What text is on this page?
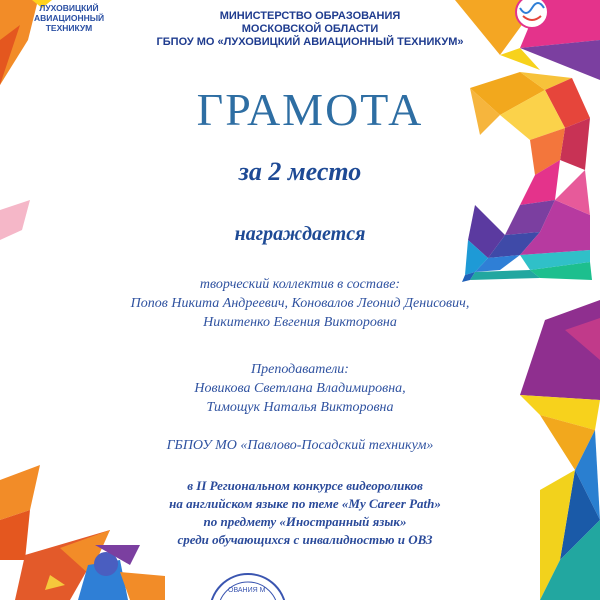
ОВАНИЯ М
ЛУХОВИЦКИЙ
АВИАЦИОННЫЙ
ТЕХНИКУМ
МИНИСТЕРСТВО ОБРАЗОВАНИЯ
МОСКОВСКОЙ ОБЛАСТИ
ГБПОУ МО «ЛУХОВИЦКИЙ АВИАЦИОННЫЙ ТЕХНИКУМ»
ГРАМОТА
за 2 место
награждается
творческий коллектив в составе:
Попов Никита Андреевич, Коновалов Леонид Денисович,
Никитенко Евгения Викторовна
Преподаватели:
Новикова Светлана Владимировна,
Тимощук Наталья Викторовна
ГБПОУ МО «Павлово-Посадский техникум»
в II Региональном конкурсе видеороликов
на английском языке по теме «My Career Path»
по предмету «Иностранный язык»
среди обучающихся с инвалидностью и ОВЗ
